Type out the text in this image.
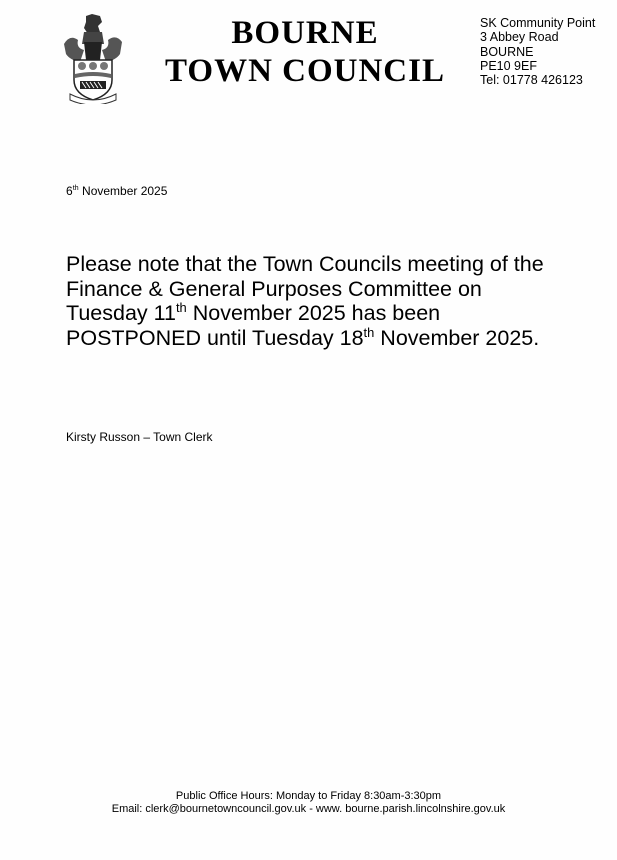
BOURNE
TOWN COUNCIL
SK Community Point
3 Abbey Road
BOURNE
PE10 9EF
Tel: 01778 426123
6th November 2025
Please note that the Town Councils meeting of the
Finance & General Purposes Committee on
Tuesday 11th November 2025 has been
POSTPONED until Tuesday 18th November 2025.
Kirsty Russon – Town Clerk
Public Office Hours: Monday to Friday 8:30am-3:30pm
Email: clerk@bournetowncouncil.gov.uk - www. bourne.parish.lincolnshire.gov.uk
